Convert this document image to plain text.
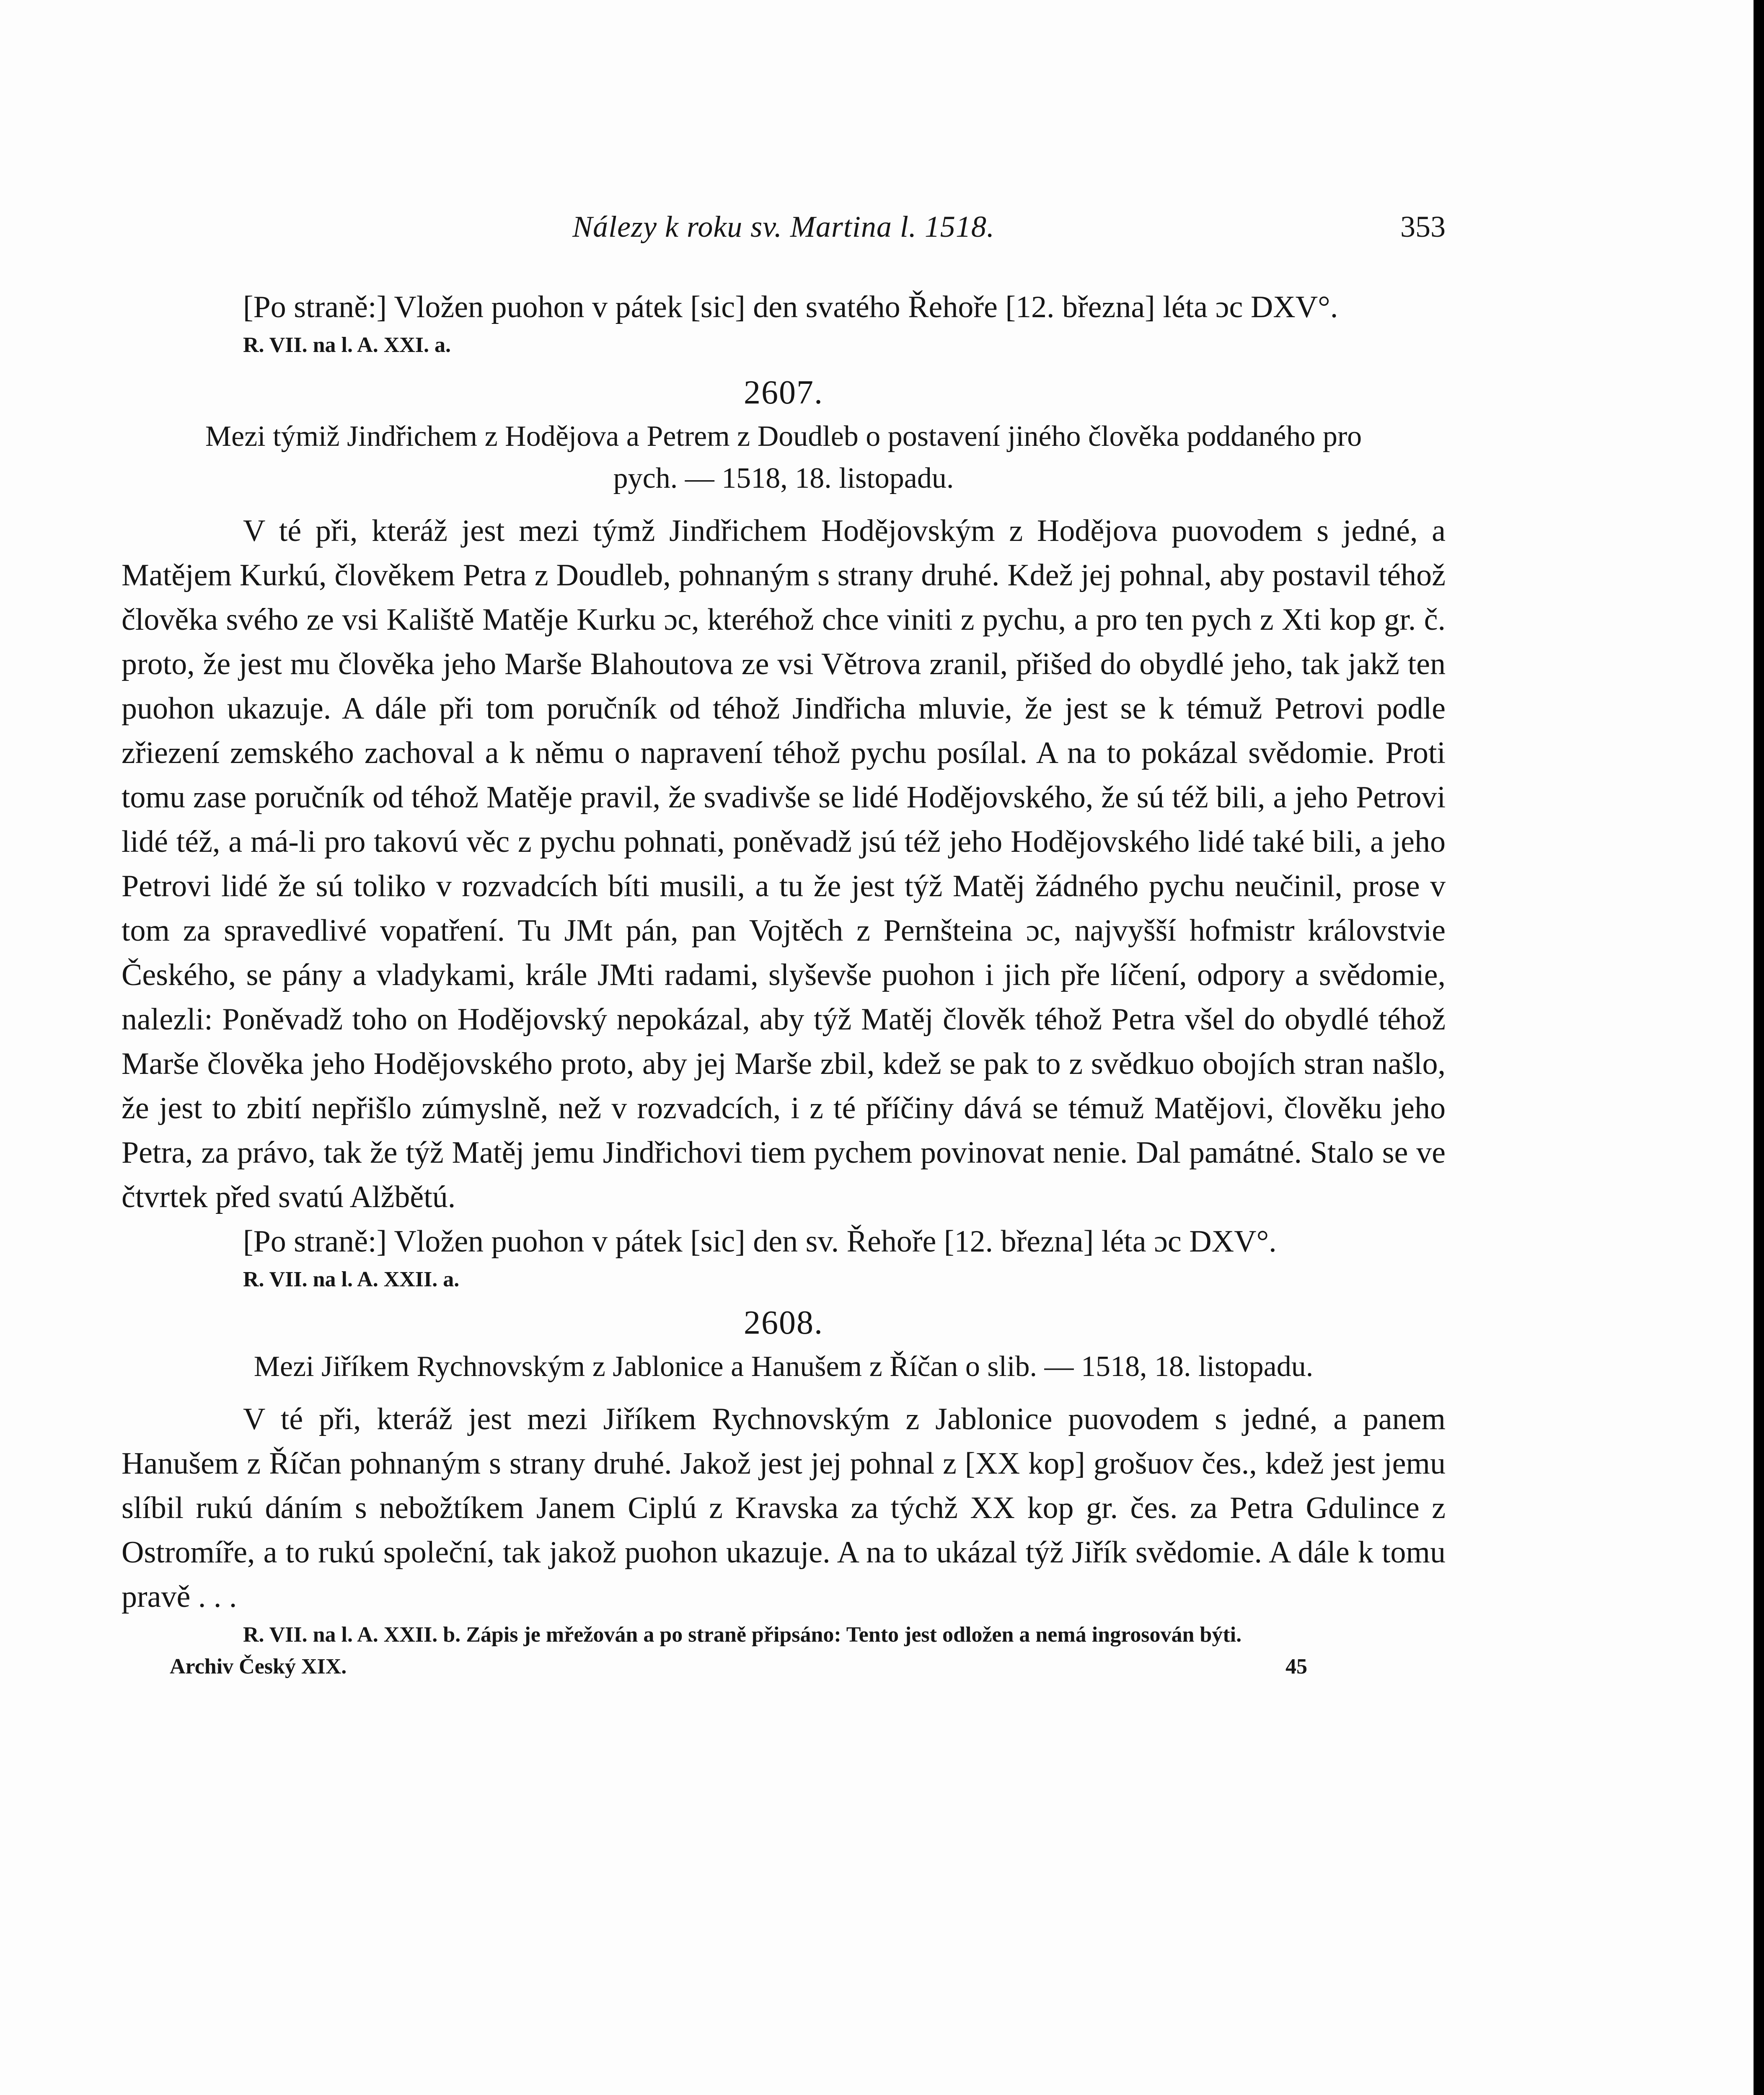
Nálezy k roku sv. Martina l. 1518.	353

[Po straně:] Vložen puohon v pátek [sic] den svatého Řehoře [12. března] léta ɔc DXV°.

R. VII. na l. A. XXI. a.

2607.

Mezi týmiž Jindřichem z Hodějova a Petrem z Doudleb o postavení jiného člověka poddaného pro pych. — 1518, 18. listopadu.

V té při, kteráž jest mezi týmž Jindřichem Hodějovským z Hodějova puovodem s jedné, a Matějem Kurkú, člověkem Petra z Doudleb, pohnaným s strany druhé. Kdež jej pohnal, aby postavil téhož člověka svého ze vsi Kaliště Matěje Kurku ɔc, kteréhož chce viniti z pychu, a pro ten pych z Xti kop gr. č. proto, že jest mu člověka jeho Marše Blahoutova ze vsi Větrova zranil, přišed do obydlé jeho, tak jakž ten puohon ukazuje. A dále při tom poručník od téhož Jindřicha mluvie, že jest se k témuž Petrovi podle zřiezení zemského zachoval a k němu o napravení téhož pychu posílal. A na to pokázal svědomie. Proti tomu zase poručník od téhož Matěje pravil, že svadivše se lidé Hodějovského, že sú též bili, a jeho Petrovi lidé též, a má-li pro takovú věc z pychu pohnati, poněvadž jsú též jeho Hodějovského lidé také bili, a jeho Petrovi lidé že sú toliko v rozvadcích bíti musili, a tu že jest týž Matěj žádného pychu neučinil, prose v tom za spravedlivé vopatření. Tu JMt pán, pan Vojtěch z Pernšteina ɔc, najvyšší hofmistr královstvie Českého, se pány a vladykami, krále JMti radami, slyševše puohon i jich pře líčení, odpory a svědomie, nalezli: Poněvadž toho on Hodějovský nepokázal, aby týž Matěj člověk téhož Petra všel do obydlé téhož Marše člověka jeho Hodějovského proto, aby jej Marše zbil, kdež se pak to z svědkuo obojích stran našlo, že jest to zbití nepřišlo zúmyslně, než v rozvadcích, i z té příčiny dává se témuž Matějovi, člověku jeho Petra, za právo, tak že týž Matěj jemu Jindřichovi tiem pychem povinovat nenie. Dal památné. Stalo se ve čtvrtek před svatú Alžbětú.

[Po straně:] Vložen puohon v pátek [sic] den sv. Řehoře [12. března] léta ɔc DXV°.

R. VII. na l. A. XXII. a.

2608.

Mezi Jiříkem Rychnovským z Jablonice a Hanušem z Říčan o slib. — 1518, 18. listopadu.

V té při, kteráž jest mezi Jiříkem Rychnovským z Jablonice puovodem s jedné, a panem Hanušem z Říčan pohnaným s strany druhé. Jakož jest jej pohnal z [XX kop] grošuov čes., kdež jest jemu slíbil rukú dáním s nebožtíkem Janem Ciplú z Kravska za týchž XX kop gr. čes. za Petra Gdulince z Ostromíře, a to rukú společní, tak jakož puohon ukazuje. A na to ukázal týž Jiřík svědomie. A dále k tomu pravě . . .

R. VII. na l. A. XXII. b. Zápis je mřežován a po straně připsáno: Tento jest odložen a nemá ingrosován býti.

Archiv Český XIX.	45
